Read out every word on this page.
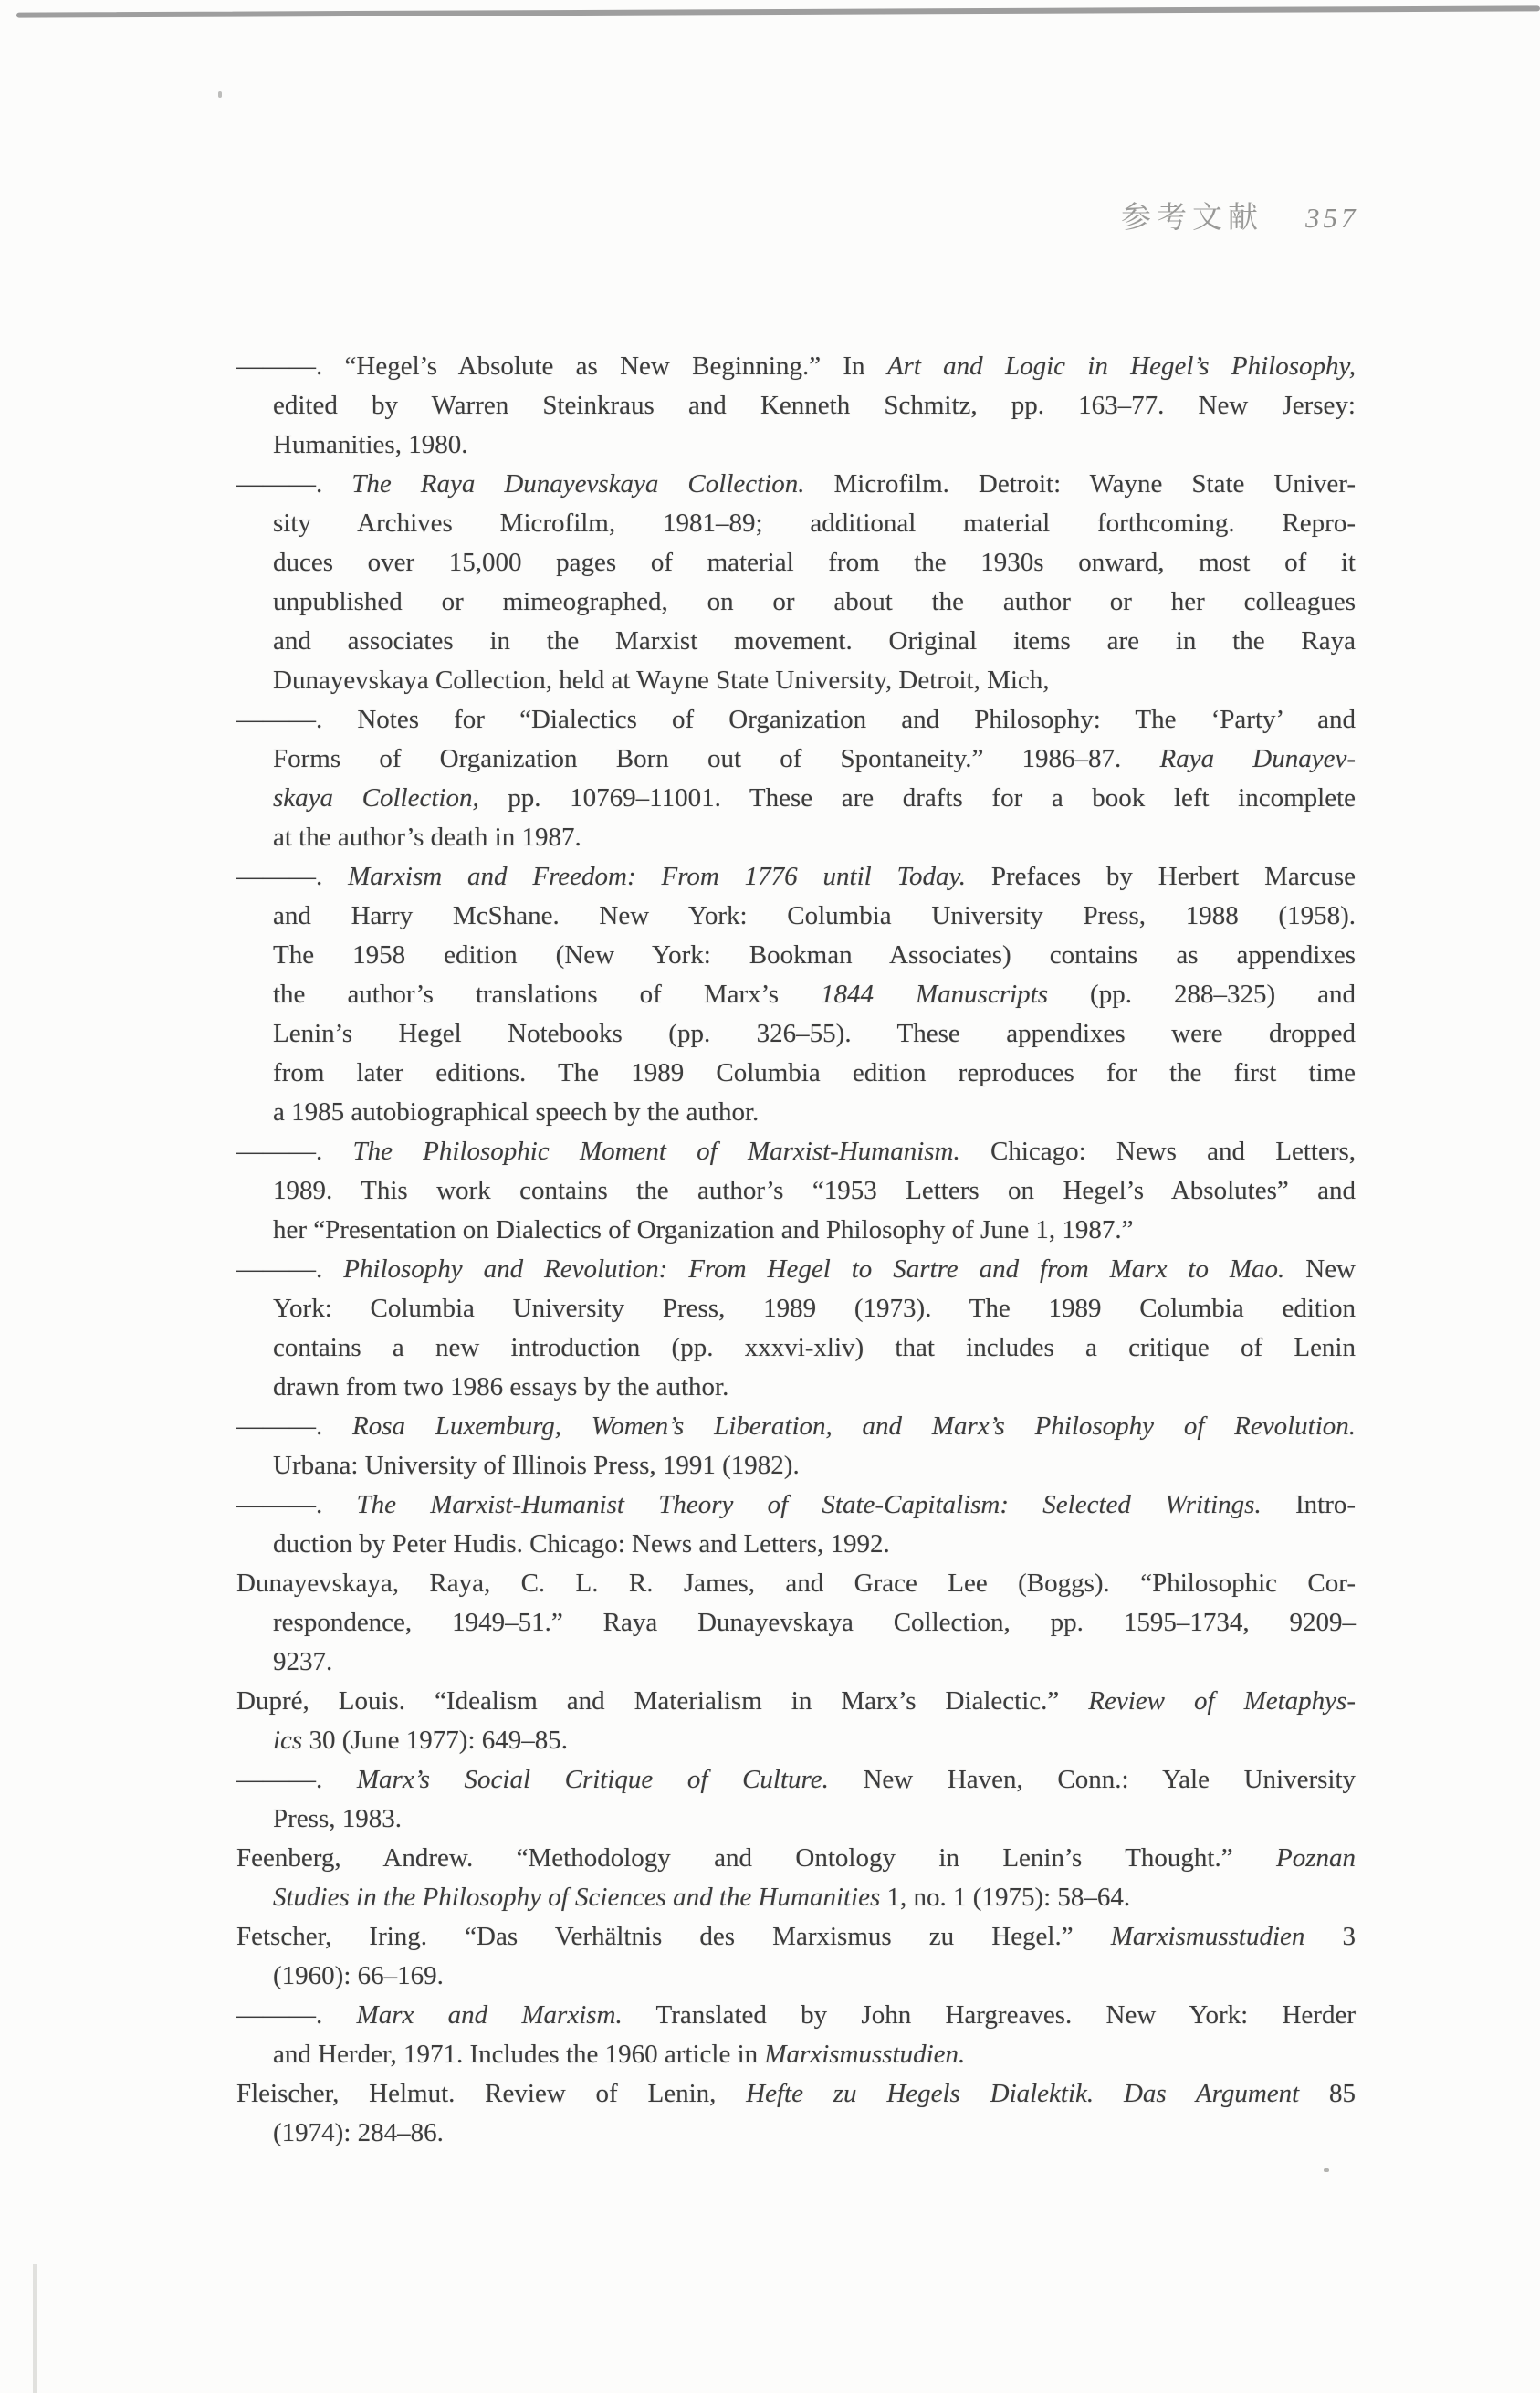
参考文献 357
———. “Hegel’s Absolute as New Beginning.” In Art and Logic in Hegel’s Philosophy,
edited by Warren Steinkraus and Kenneth Schmitz, pp. 163–77. New Jersey:
Humanities, 1980.
———. The Raya Dunayevskaya Collection. Microfilm. Detroit: Wayne State Univer-
sity Archives Microfilm, 1981–89; additional material forthcoming. Repro-
duces over 15,000 pages of material from the 1930s onward, most of it
unpublished or mimeographed, on or about the author or her colleagues
and associates in the Marxist movement. Original items are in the Raya
Dunayevskaya Collection, held at Wayne State University, Detroit, Mich,
———. Notes for “Dialectics of Organization and Philosophy: The ‘Party’ and
Forms of Organization Born out of Spontaneity.” 1986–87. Raya Dunayev-
skaya Collection, pp. 10769–11001. These are drafts for a book left incomplete
at the author’s death in 1987.
———. Marxism and Freedom: From 1776 until Today. Prefaces by Herbert Marcuse
and Harry McShane. New York: Columbia University Press, 1988 (1958).
The 1958 edition (New York: Bookman Associates) contains as appendixes
the author’s translations of Marx’s 1844 Manuscripts (pp. 288–325) and
Lenin’s Hegel Notebooks (pp. 326–55). These appendixes were dropped
from later editions. The 1989 Columbia edition reproduces for the first time
a 1985 autobiographical speech by the author.
———. The Philosophic Moment of Marxist-Humanism. Chicago: News and Letters,
1989. This work contains the author’s “1953 Letters on Hegel’s Absolutes” and
her “Presentation on Dialectics of Organization and Philosophy of June 1, 1987.”
———. Philosophy and Revolution: From Hegel to Sartre and from Marx to Mao. New
York: Columbia University Press, 1989 (1973). The 1989 Columbia edition
contains a new introduction (pp. xxxvi-xliv) that includes a critique of Lenin
drawn from two 1986 essays by the author.
———. Rosa Luxemburg, Women’s Liberation, and Marx’s Philosophy of Revolution.
Urbana: University of Illinois Press, 1991 (1982).
———. The Marxist-Humanist Theory of State-Capitalism: Selected Writings. Intro-
duction by Peter Hudis. Chicago: News and Letters, 1992.
Dunayevskaya, Raya, C. L. R. James, and Grace Lee (Boggs). “Philosophic Cor-
respondence, 1949–51.” Raya Dunayevskaya Collection, pp. 1595–1734, 9209–
9237.
Dupré, Louis. “Idealism and Materialism in Marx’s Dialectic.” Review of Metaphys-
ics 30 (June 1977): 649–85.
———. Marx’s Social Critique of Culture. New Haven, Conn.: Yale University
Press, 1983.
Feenberg, Andrew. “Methodology and Ontology in Lenin’s Thought.” Poznan
Studies in the Philosophy of Sciences and the Humanities 1, no. 1 (1975): 58–64.
Fetscher, Iring. “Das Verhältnis des Marxismus zu Hegel.” Marxismusstudien 3
(1960): 66–169.
———. Marx and Marxism. Translated by John Hargreaves. New York: Herder
and Herder, 1971. Includes the 1960 article in Marxismusstudien.
Fleischer, Helmut. Review of Lenin, Hefte zu Hegels Dialektik. Das Argument 85
(1974): 284–86.
